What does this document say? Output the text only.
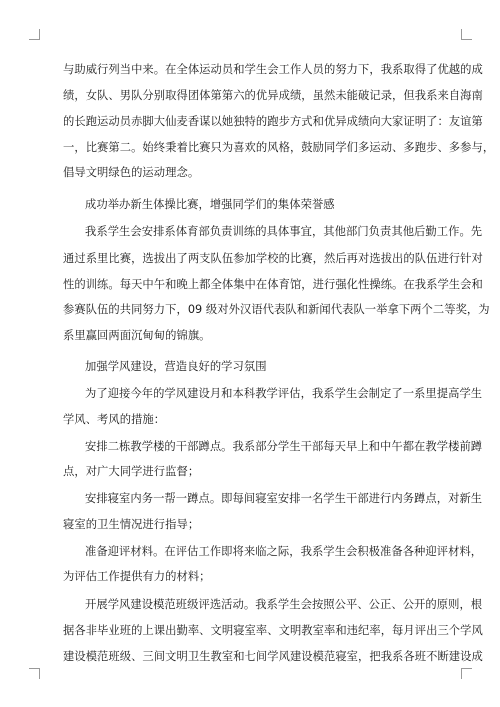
与助威行列当中来。在全体运动员和学生会工作人员的努力下，我系取得了优越的成
绩，女队、男队分别取得团体第第六的优异成绩，虽然未能破记录，但我系来自海南
的长跑运动员赤脚大仙麦香谋以她独特的跑步方式和优异成绩向大家证明了：友谊第
一，比赛第二。始终秉着比赛只为喜欢的风格，鼓励同学们多运动、多跑步、多参与，
倡导文明绿色的运动理念。
成功举办新生体操比赛，增强同学们的集体荣誉感
我系学生会安排系体育部负责训练的具体事宜，其他部门负责其他后勤工作。先
通过系里比赛，选拔出了两支队伍参加学校的比赛，然后再对选拔出的队伍进行针对
性的训练。每天中午和晚上都全体集中在体育馆，进行强化性操练。在我系学生会和
参赛队伍的共同努力下，09 级对外汉语代表队和新闻代表队一举拿下两个二等奖，为
系里赢回两面沉甸甸的锦旗。
加强学风建设，营造良好的学习氛围
为了迎接今年的学风建设月和本科教学评估，我系学生会制定了一系里提高学生
学风、考风的措施：
安排二栋教学楼的干部蹲点。我系部分学生干部每天早上和中午都在教学楼前蹲
点，对广大同学进行监督；
安排寝室内务一帮一蹲点。即每间寝室安排一名学生干部进行内务蹲点，对新生
寝室的卫生情况进行指导；
准备迎评材料。在评估工作即将来临之际，我系学生会积极准备各种迎评材料，
为评估工作提供有力的材料；
开展学风建设模范班级评选活动。我系学生会按照公平、公正、公开的原则，根
据各非毕业班的上课出勤率、文明寝室率、文明教室率和违纪率，每月评出三个学风
建设模范班级、三间文明卫生教室和七间学风建设模范寝室，把我系各班不断建设成
